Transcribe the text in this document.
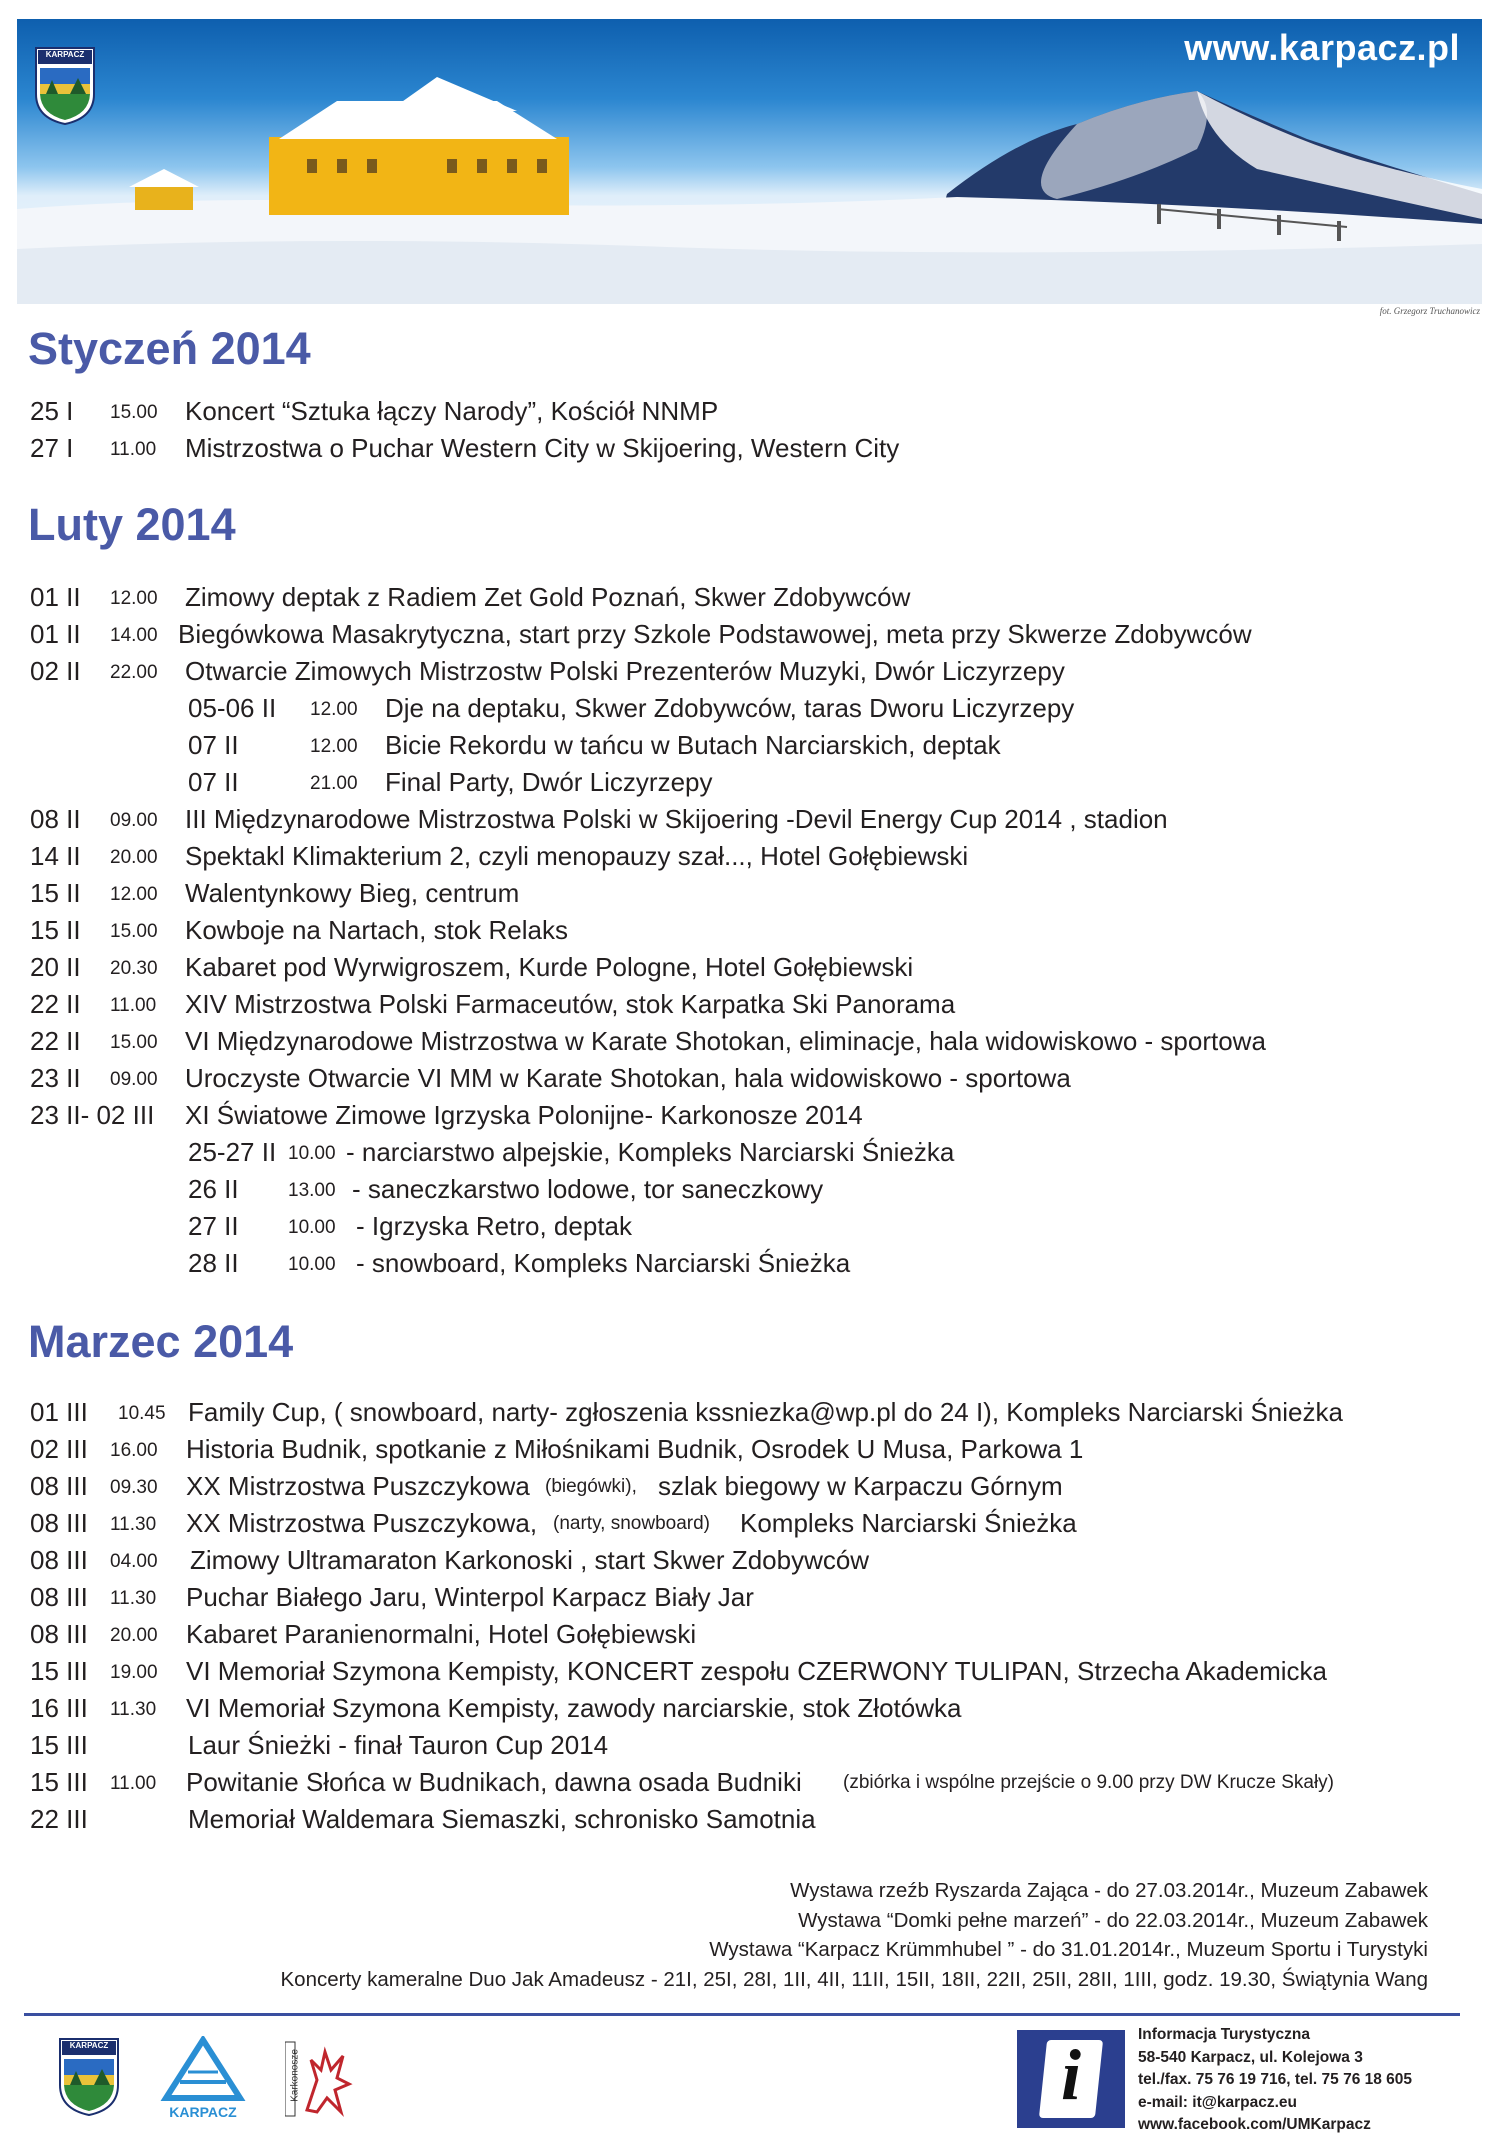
www.karpacz.pl
KARPACZ
fot. Grzegorz Truchanowicz
Styczeń 2014
25 I 15.00 Koncert “Sztuka łączy Narody”, Kościół NNMP
27 I 11.00 Mistrzostwa o Puchar Western City w Skijoering, Western City
Luty 2014
01 II 12.00 Zimowy deptak z Radiem Zet Gold Poznań, Skwer Zdobywców
01 II 14.00 Biegówkowa Masakrytyczna, start przy Szkole Podstawowej, meta przy Skwerze Zdobywców
02 II 22.00 Otwarcie Zimowych Mistrzostw Polski Prezenterów Muzyki, Dwór Liczyrzepy
05-06 II 12.00 Dje na deptaku, Skwer Zdobywców, taras Dworu Liczyrzepy
07 II	12.00 Bicie Rekordu w tańcu w Butach Narciarskich, deptak
07 II	21.00 Final Party, Dwór Liczyrzepy
08 II 09.00 III Międzynarodowe Mistrzostwa Polski w Skijoering -Devil Energy Cup 2014 , stadion
14 II 20.00 Spektakl Klimakterium 2, czyli menopauzy szał..., Hotel Gołębiewski
15 II 12.00 Walentynkowy Bieg, centrum
15 II 15.00 Kowboje na Nartach, stok Relaks
20 II 20.30 Kabaret pod Wyrwigroszem, Kurde Pologne, Hotel Gołębiewski
22 II 11.00 XIV Mistrzostwa Polski Farmaceutów, stok Karpatka Ski Panorama
22 II 15.00 VI Międzynarodowe Mistrzostwa w Karate Shotokan, eliminacje, hala widowiskowo - sportowa
23 II 09.00 Uroczyste Otwarcie VI MM w Karate Shotokan, hala widowiskowo - sportowa
23 II- 02 III XI Światowe Zimowe Igrzyska Polonijne- Karkonosze 2014
25-27 II 10.00 - narciarstwo alpejskie, Kompleks Narciarski Śnieżka
26 II	13.00 - saneczkarstwo lodowe, tor saneczkowy
27 II	10.00 - Igrzyska Retro, deptak
28 II	10.00 - snowboard, Kompleks Narciarski Śnieżka
Marzec 2014
01 III 10.45 Family Cup, ( snowboard, narty- zgłoszenia kssniezka@wp.pl do 24 I), Kompleks Narciarski Śnieżka
02 III 16.00 Historia Budnik, spotkanie z Miłośnikami Budnik, Osrodek U Musa, Parkowa 1
08 III 09.30 XX Mistrzostwa Puszczykowa (biegówki), szlak biegowy w Karpaczu Górnym
08 III 11.30 XX Mistrzostwa Puszczykowa, (narty, snowboard) Kompleks Narciarski Śnieżka
08 III 04.00 Zimowy Ultramaraton Karkonoski , start Skwer Zdobywców
08 III 11.30 Puchar Białego Jaru, Winterpol Karpacz Biały Jar
08 III 20.00 Kabaret Paranienormalni, Hotel Gołębiewski
15 III 19.00 VI Memoriał Szymona Kempisty, KONCERT zespołu CZERWONY TULIPAN, Strzecha Akademicka
16 III 11.30 VI Memoriał Szymona Kempisty, zawody narciarskie, stok Złotówka
15 III	Laur Śnieżki - finał Tauron Cup 2014
15 III 11.00 Powitanie Słońca w Budnikach, dawna osada Budniki (zbiórka i wspólne przejście o 9.00 przy DW Krucze Skały)
22 III	Memoriał Waldemara Siemaszki, schronisko Samotnia
Wystawa rzeźb Ryszarda Zająca - do 27.03.2014r., Muzeum Zabawek
Wystawa “Domki pełne marzeń” - do 22.03.2014r., Muzeum Zabawek
Wystawa “Karpacz Krümmhubel ” - do 31.01.2014r., Muzeum Sportu i Turystyki
Koncerty kameralne Duo Jak Amadeusz - 21I, 25I, 28I, 1II, 4II, 11II, 15II, 18II, 22II, 25II, 28II, 1III, godz. 19.30, Świątynia Wang
KARPACZ
KARPACZ
Karkonosze	i
Informacja Turystyczna
58-540 Karpacz, ul. Kolejowa 3
tel./fax. 75 76 19 716, tel. 75 76 18 605
e-mail: it@karpacz.eu
www.facebook.com/UMKarpacz
